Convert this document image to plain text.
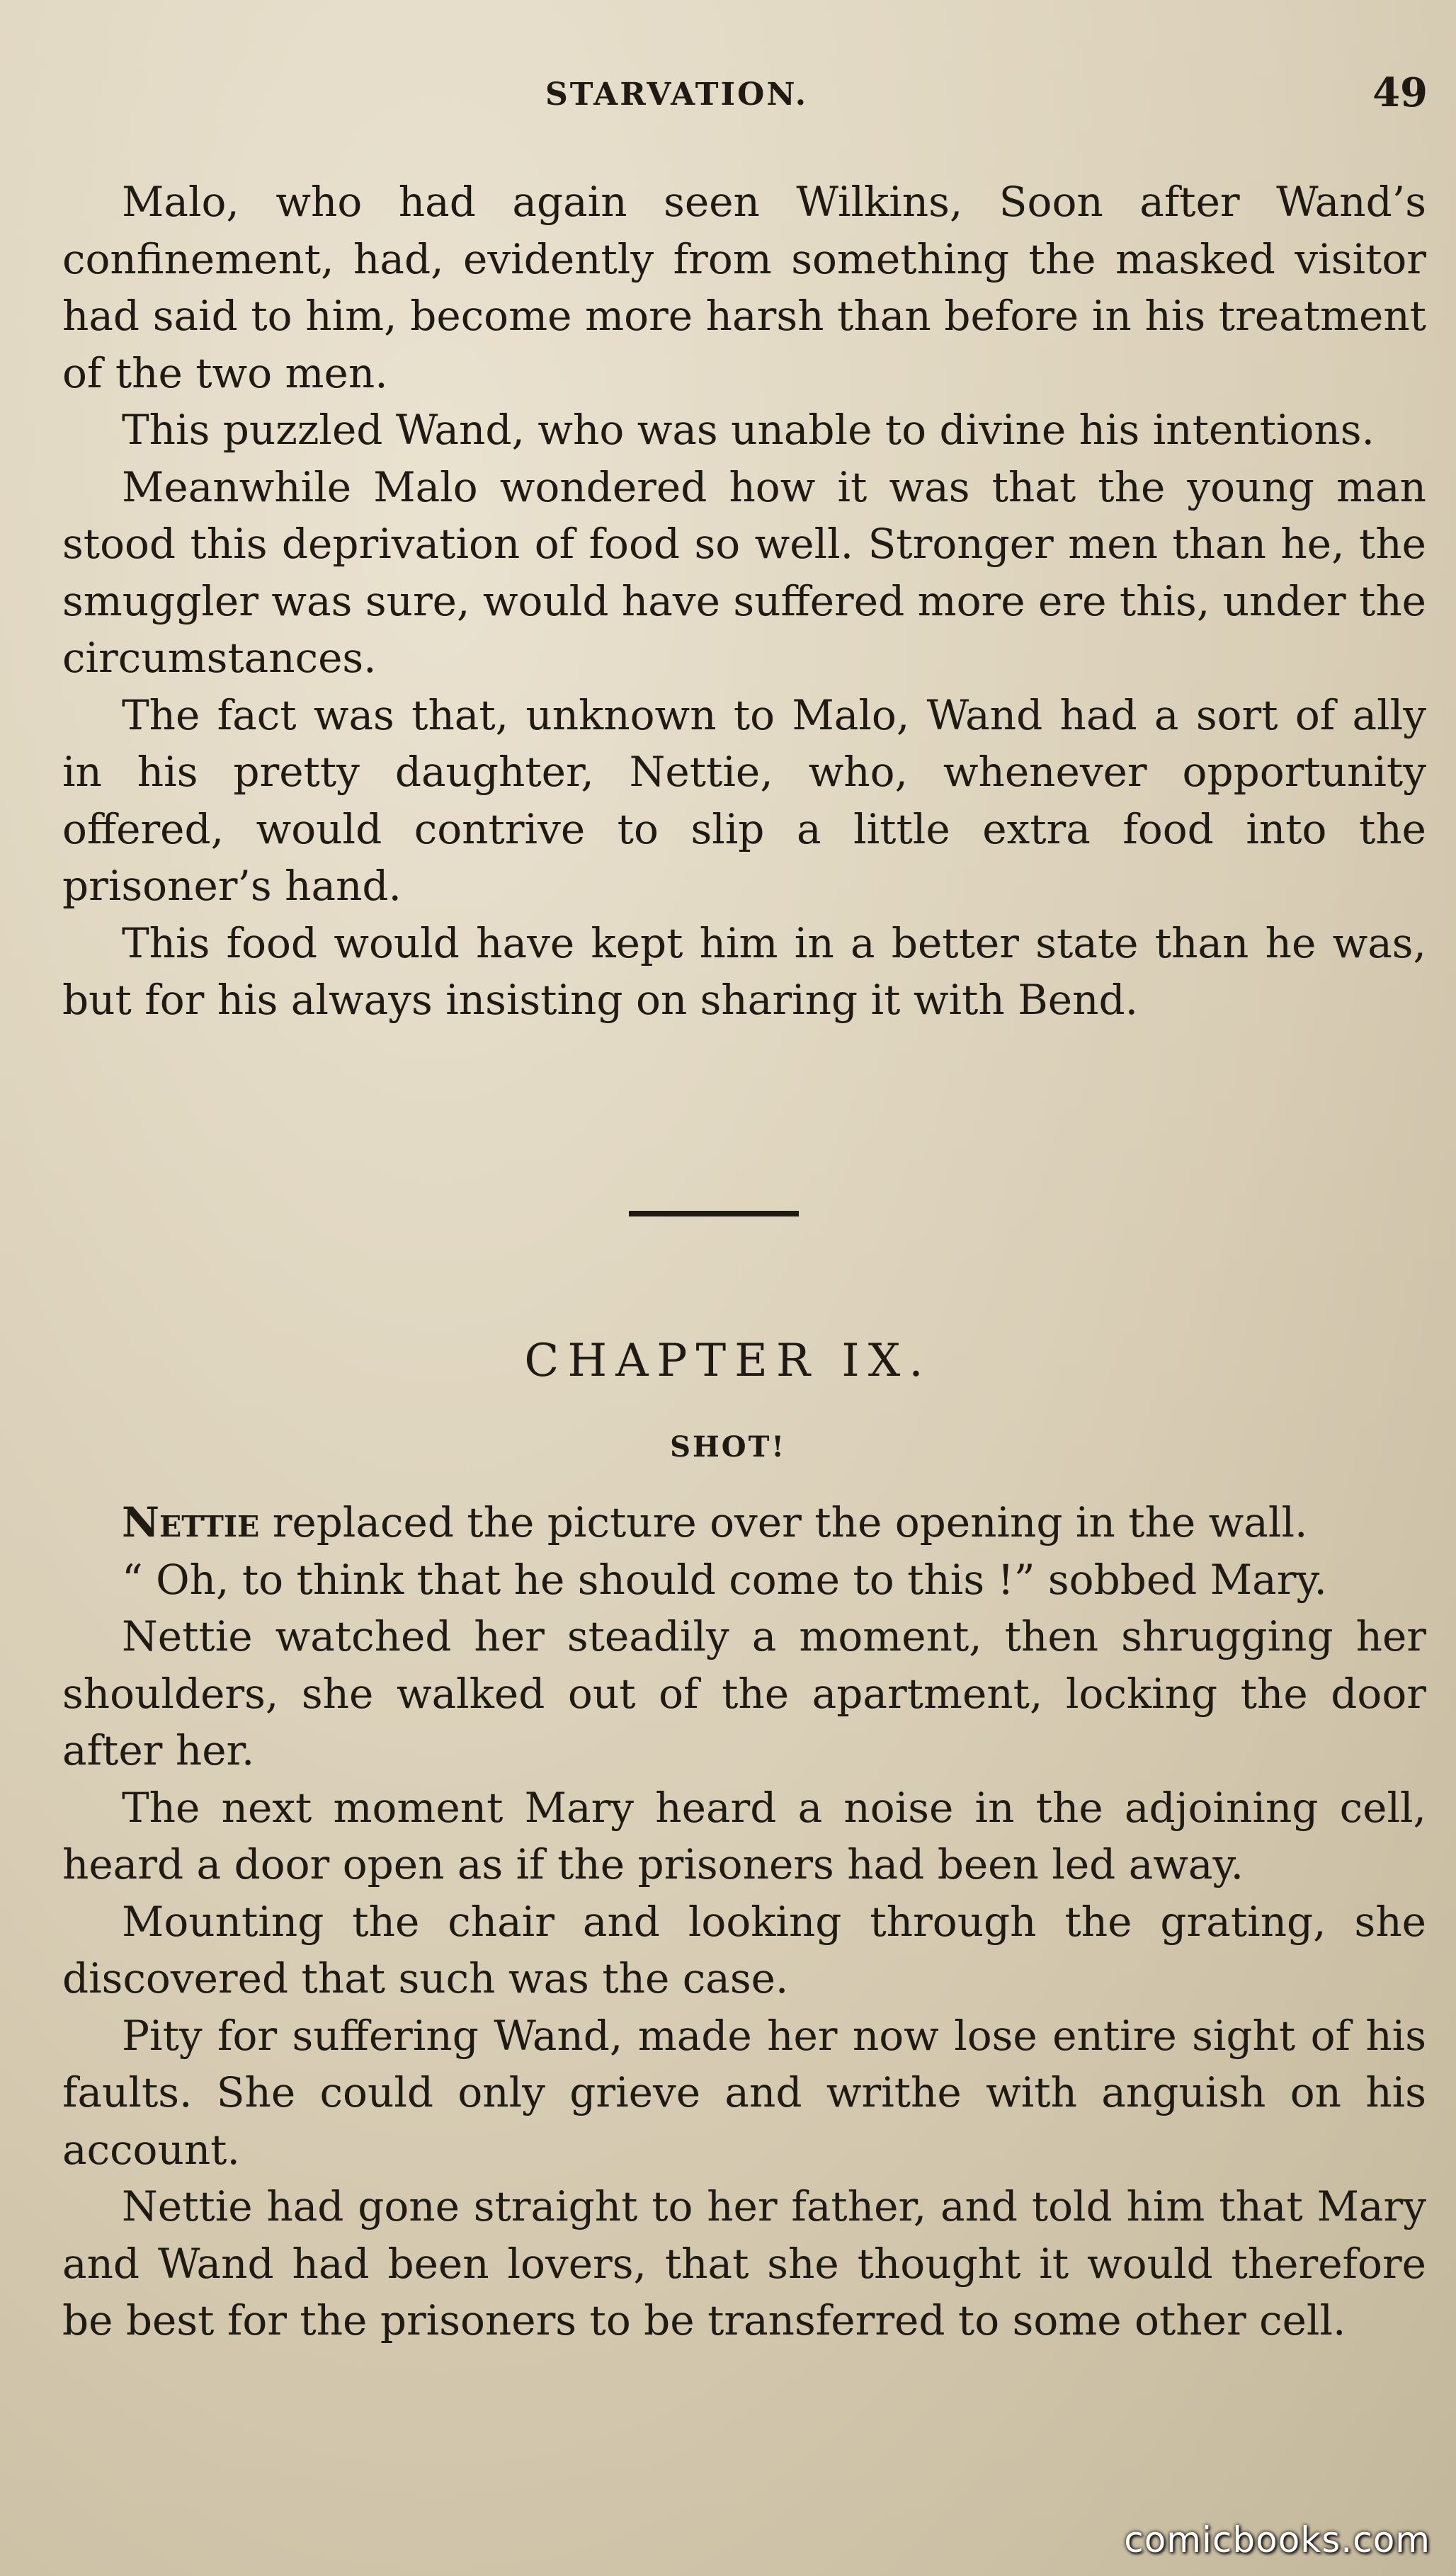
STARVATION.	49

Malo, who had again seen Wilkins, Soon after Wand’s confinement, had, evidently from something the masked visitor had said to him, become more harsh than before in his treatment of the two men.

This puzzled Wand, who was unable to divine his intentions.

Meanwhile Malo wondered how it was that the young man stood this deprivation of food so well. Stronger men than he, the smuggler was sure, would have suffered more ere this, under the circumstances.

The fact was that, unknown to Malo, Wand had a sort of ally in his pretty daughter, Nettie, who, whenever opportunity offered, would contrive to slip a little extra food into the prisoner’s hand.

This food would have kept him in a better state than he was, but for his always insisting on sharing it with Bend.

CHAPTER IX.
SHOT!

Nettie replaced the picture over the opening in the wall.

“ Oh, to think that he should come to this !” sobbed Mary.

Nettie watched her steadily a moment, then shrugging her shoulders, she walked out of the apartment, locking the door after her.

The next moment Mary heard a noise in the adjoining cell, heard a door open as if the prisoners had been led away.

Mounting the chair and looking through the grating, she discovered that such was the case.

Pity for suffering Wand, made her now lose entire sight of his faults. She could only grieve and writhe with anguish on his account.

Nettie had gone straight to her father, and told him that Mary and Wand had been lovers, that she thought it would therefore be best for the prisoners to be transferred to some other cell.

comicbooks.com
